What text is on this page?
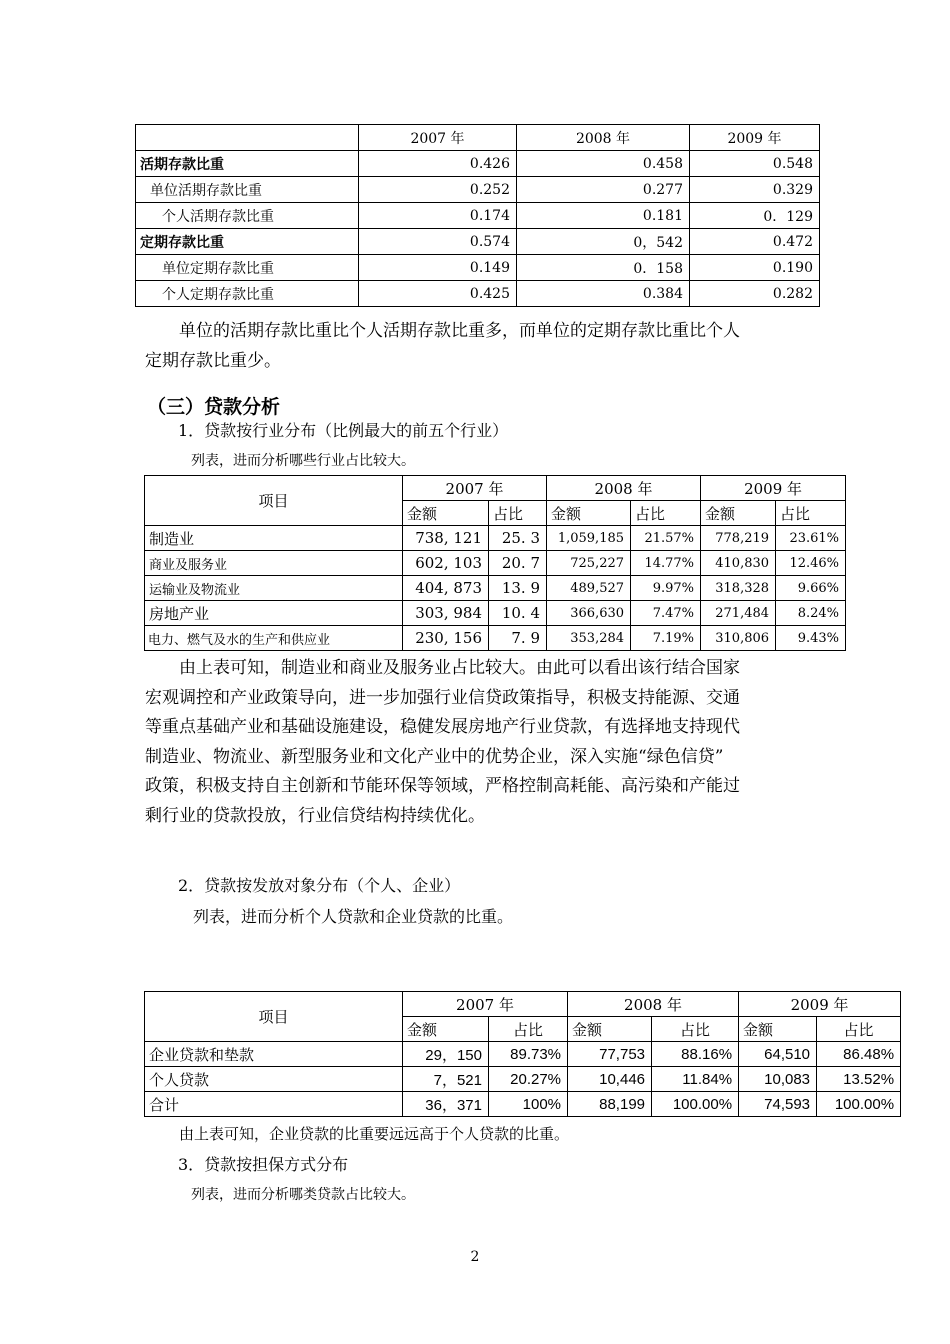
	2007 年	2008 年	2009 年
活期存款比重	0.426	0.458	0.548
单位活期存款比重	0.252	0.277	0.329
个人活期存款比重	0.174	0.181	0．129
定期存款比重	0.574	0，542	0.472
单位定期存款比重	0.149	0．158	0.190
个人定期存款比重	0.425	0.384	0.282
单位的活期存款比重比个人活期存款比重多，而单位的定期存款比重比个人
定期存款比重少。
（三）贷款分析
1．贷款按行业分布（比例最大的前五个行业）
列表，进而分析哪些行业占比较大。
项目	2007 年		2008 年		2009 年	
	金额	占比	金额	占比	金额	占比
制造业	738, 121	25. 3	1,059,185	21.57%	778,219	23.61%
商业及服务业	602, 103	20. 7	725,227	14.77%	410,830	12.46%
运输业及物流业	404, 873	13. 9	489,527	9.97%	318,328	9.66%
房地产业	303, 984	10. 4	366,630	7.47%	271,484	8.24%
电力、燃气及水的生产和供应业	230, 156	7. 9	353,284	7.19%	310,806	9.43%
由上表可知，制造业和商业及服务业占比较大。由此可以看出该行结合国家
宏观调控和产业政策导向，进一步加强行业信贷政策指导，积极支持能源、交通
等重点基础产业和基础设施建设，稳健发展房地产行业贷款，有选择地支持现代
制造业、物流业、新型服务业和文化产业中的优势企业，深入实施“绿色信贷”
政策，积极支持自主创新和节能环保等领域，严格控制高耗能、高污染和产能过
剩行业的贷款投放，行业信贷结构持续优化。
2．贷款按发放对象分布（个人、企业）
列表，进而分析个人贷款和企业贷款的比重。
项目	2007 年		2008 年		2009 年	
	金额	占比	金额	占比	金额	占比
企业贷款和垫款	29，150	89.73%	77,753	88.16%	64,510	86.48%
个人贷款	7，521	20.27%	10,446	11.84%	10,083	13.52%
合计	36，371	100%	88,199	100.00%	74,593	100.00%
由上表可知，企业贷款的比重要远远高于个人贷款的比重。
3．贷款按担保方式分布
列表，进而分析哪类贷款占比较大。
2
